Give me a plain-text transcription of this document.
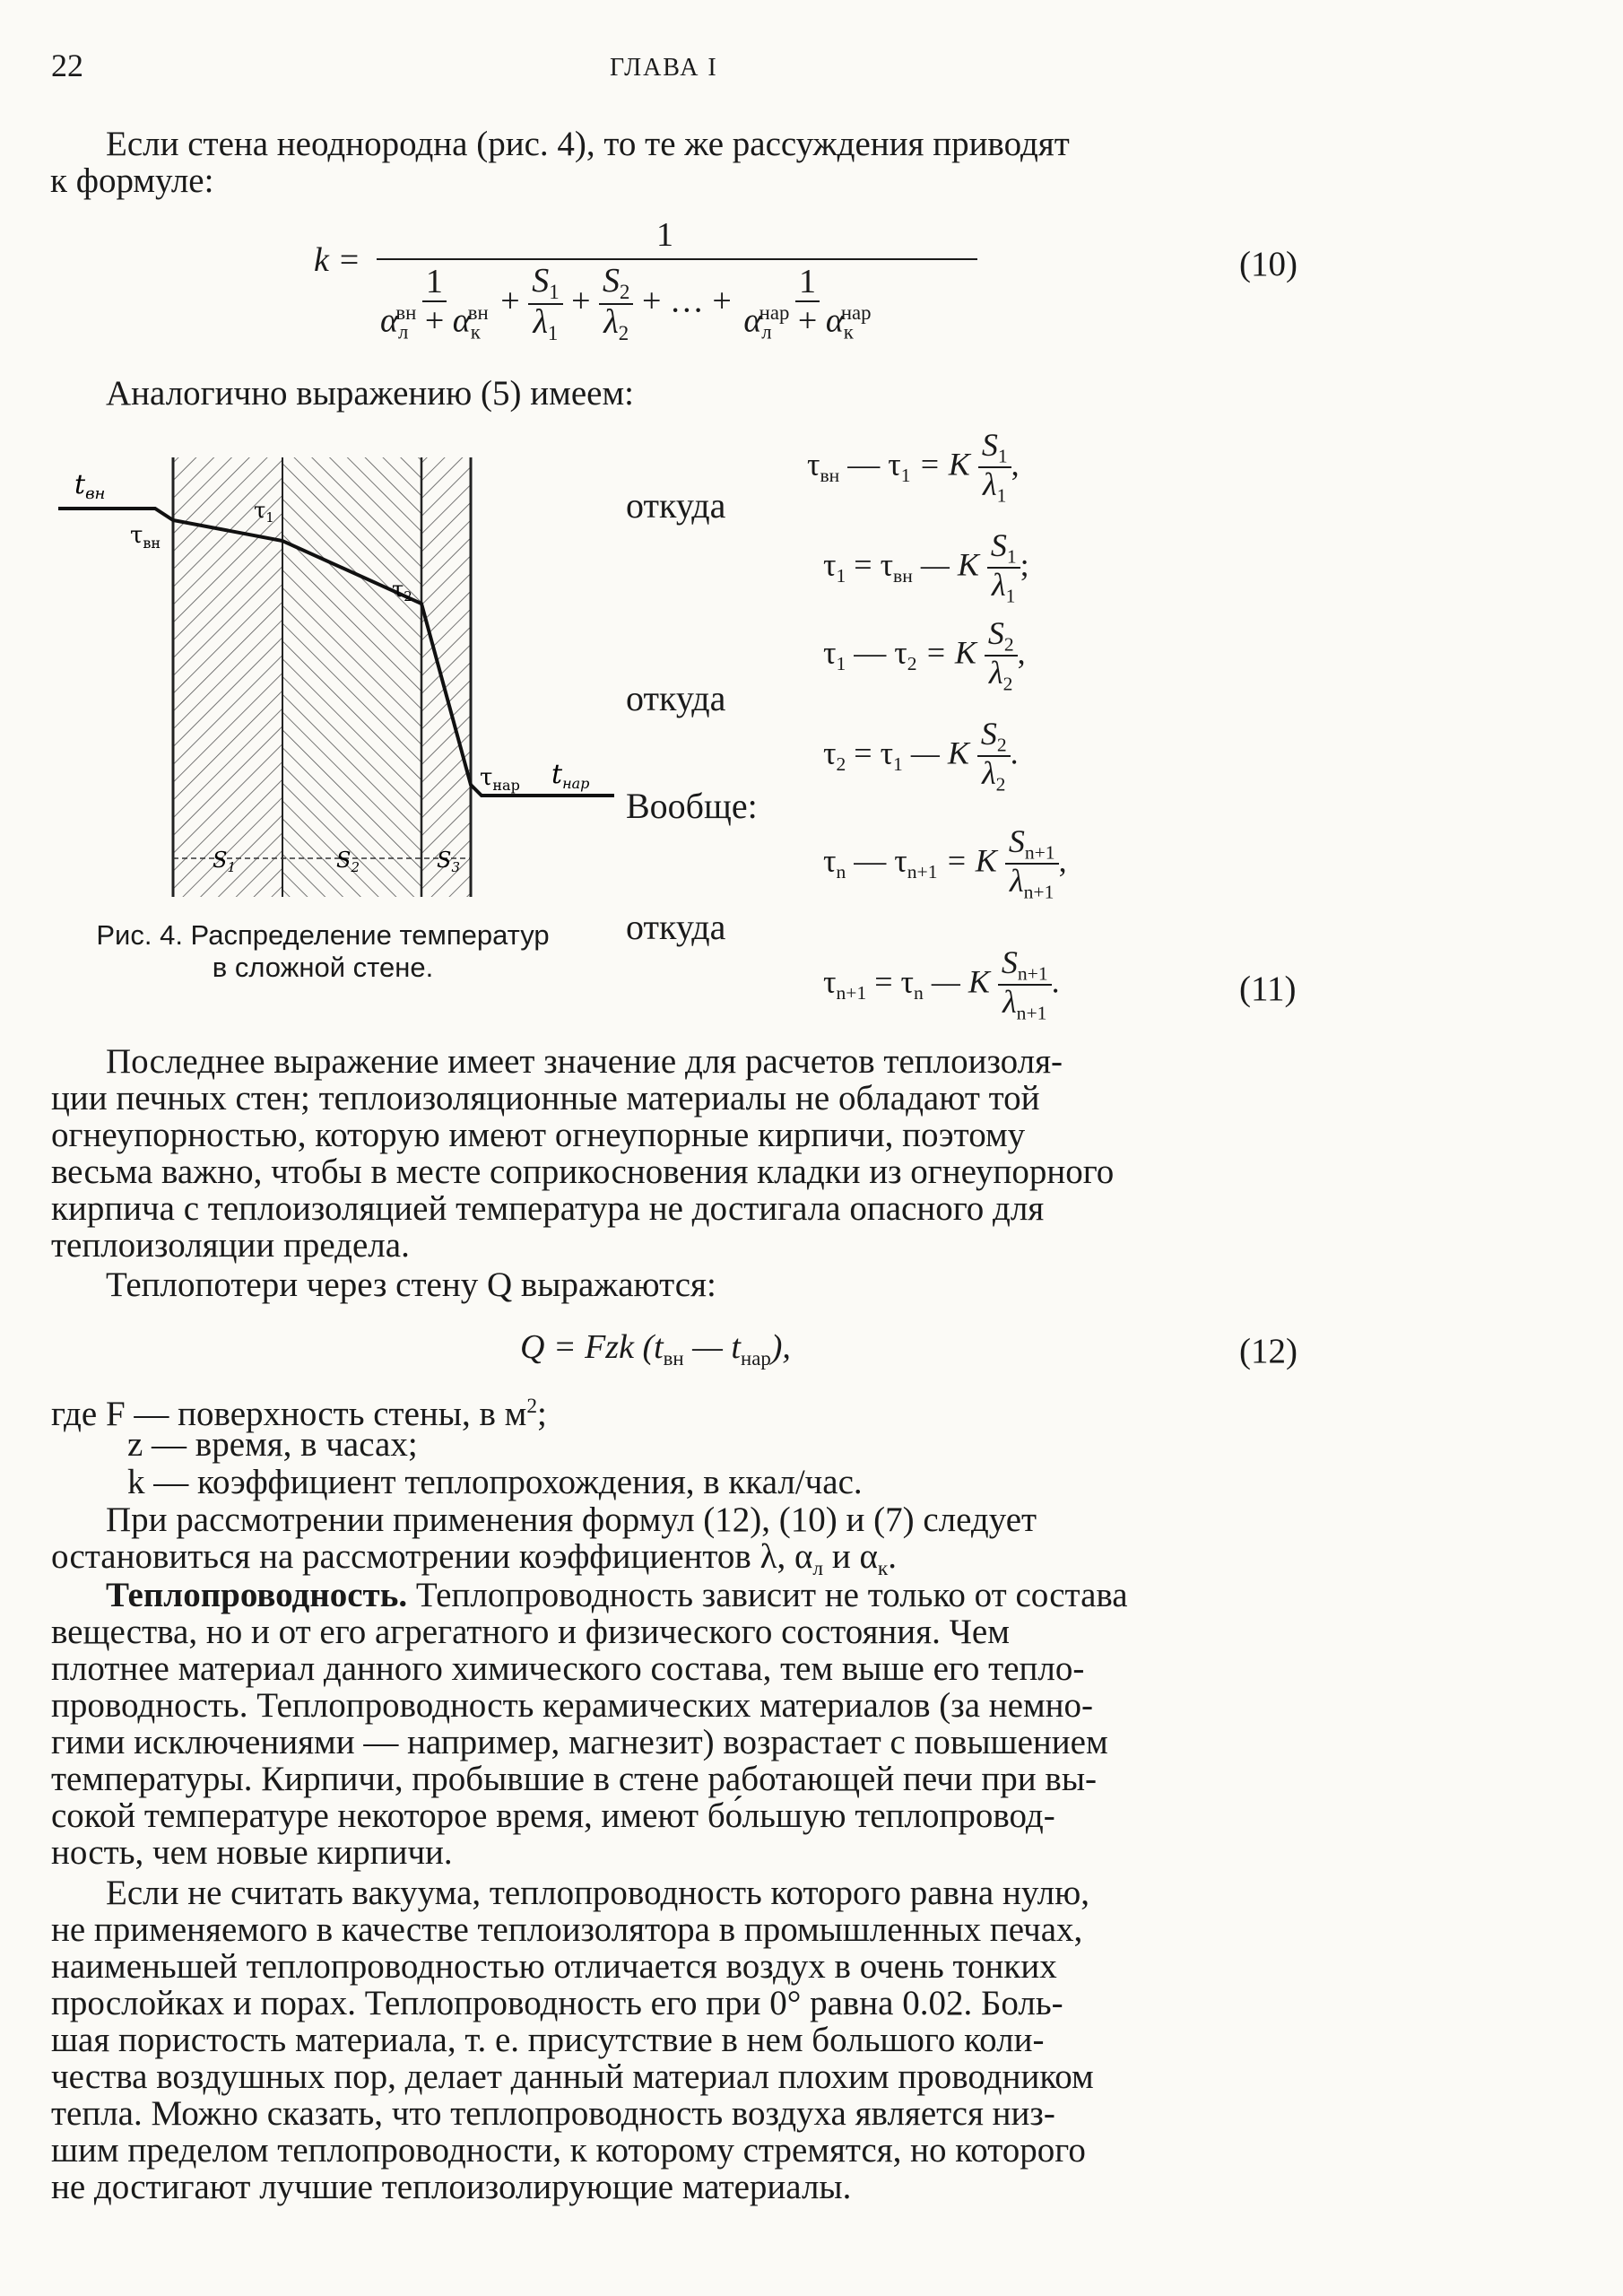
22	ГЛАВА I
Если стена неоднородна (рис. 4), то те же рассуждения приводят
к формуле:
k =
1
$\frac{1}{\alpha_л^{вн} + \alpha_к^{вн}} + \frac{S_1}{\lambda_1} + \frac{S_2}{\lambda_2}$ + … + $\frac{1}{\alpha_л^{нар} + \alpha_к^{нар}}$
(10)
Аналогично выражению (5) имеем:
$t_{вн}$
$\tau_{вн}$
$\tau_1$
$\tau_2$
$\tau_{нар}$ $t_{нар}$
$S_1$	$S_2$	$S_3$
Рис. 4. Распределение температур
в сложной стене.
откуда
откуда
Вообще:
откуда
$\tau_{вн}$ — $\tau_1 = K \frac{S_1}{\lambda_1}$ ,
$\tau_1 = \tau_{вн}$ — K $\frac{S_1}{\lambda_1}$ ;
$\tau_1$ — $\tau_2 = K \frac{S_2}{\lambda_2}$ ,
$\tau_2 = \tau_1$ — K $\frac{S_2}{\lambda_2}$ .
$\tau_n$ — $\tau_{n+1} = K \frac{S_{n+1}}{\lambda_{n+1}}$ ,
$\tau_{n+1} = \tau_n$ — K $\frac{S_{n+1}}{\lambda_{n+1}}$ .	(11)
Последнее выражение имеет значение для расчетов теплоизоля-
ции печных стен; теплоизоляционные материалы не обладают той
огнеупорностью, которую имеют огнеупорные кирпичи, поэтому
весьма важно, чтобы в месте соприкосновения кладки из огнеупорного
кирпича с теплоизоляцией температура не достигала опасного для
теплоизоляции предела.
Теплопотери через стену Q выражаются:
Q = Fzk ($t_{вн}$ — $t_{нар}$),	(12)
где F — поверхность стены, в $м^2$;
z — время, в часах;
k — коэффициент теплопрохождения, в ккал/час.
При рассмотрении применения формул (12), (10) и (7) следует
остановиться на рассмотрении коэффициентов λ, $\alpha_л$ и $\alpha_к$.
Теплопроводность. Теплопроводность зависит не только от состава
вещества, но и от его агрегатного и физического состояния. Чем
плотнее материал данного химического состава, тем выше его тепло-
проводность. Теплопроводность керамических материалов (за немно-
гими исключениями — например, магнезит) возрастает с повышением
температуры. Кирпичи, пробывшие в стене работающей печи при вы-
сокой температуре некоторое время, имеют бо́льшую теплопровод-
ность, чем новые кирпичи.
Если не считать вакуума, теплопроводность которого равна нулю,
не применяемого в качестве теплоизолятора в промышленных печах,
наименьшей теплопроводностью отличается воздух в очень тонких
прослойках и порах. Теплопроводность его при 0° равна 0.02. Боль-
шая пористость материала, т. е. присутствие в нем большого коли-
чества воздушных пор, делает данный материал плохим проводником
тепла. Можно сказать, что теплопроводность воздуха является низ-
шим пределом теплопроводности, к которому стремятся, но которого
не достигают лучшие теплоизолирующие материалы.
